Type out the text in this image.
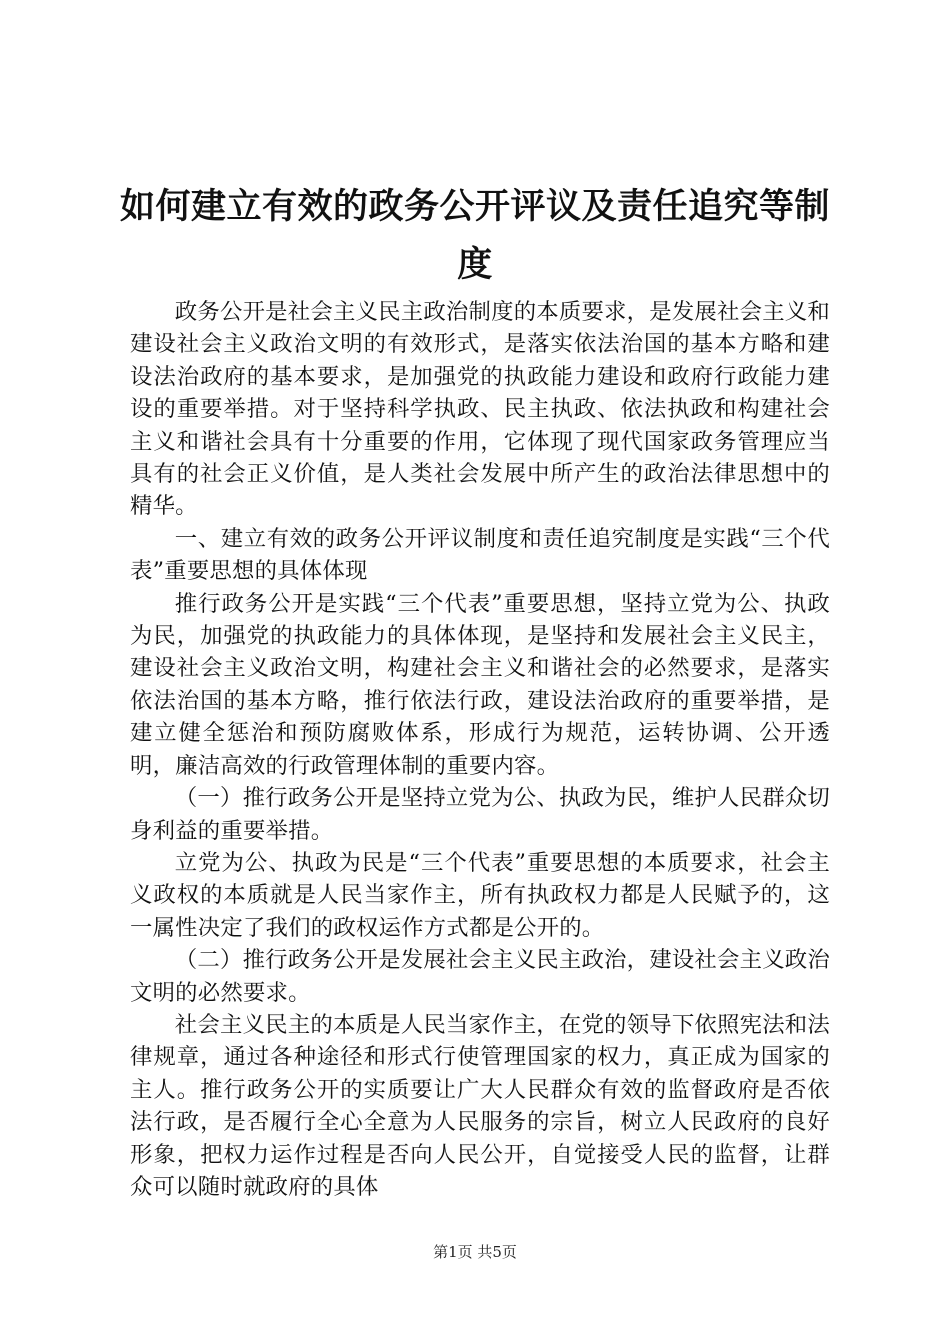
如何建立有效的政务公开评议及责任追究等制度

政务公开是社会主义民主政治制度的本质要求，是发展社会主义和建设社会主义政治文明的有效形式，是落实依法治国的基本方略和建设法治政府的基本要求，是加强党的执政能力建设和政府行政能力建设的重要举措。对于坚持科学执政、民主执政、依法执政和构建社会主义和谐社会具有十分重要的作用，它体现了现代国家政务管理应当具有的社会正义价值，是人类社会发展中所产生的政治法律思想中的精华。

一、建立有效的政务公开评议制度和责任追究制度是实践“三个代表”重要思想的具体体现

推行政务公开是实践“三个代表”重要思想，坚持立党为公、执政为民，加强党的执政能力的具体体现，是坚持和发展社会主义民主，建设社会主义政治文明，构建社会主义和谐社会的必然要求，是落实依法治国的基本方略，推行依法行政，建设法治政府的重要举措，是建立健全惩治和预防腐败体系，形成行为规范，运转协调、公开透明，廉洁高效的行政管理体制的重要内容。

（一）推行政务公开是坚持立党为公、执政为民，维护人民群众切身利益的重要举措。

立党为公、执政为民是“三个代表”重要思想的本质要求，社会主义政权的本质就是人民当家作主，所有执政权力都是人民赋予的，这一属性决定了我们的政权运作方式都是公开的。

（二）推行政务公开是发展社会主义民主政治，建设社会主义政治文明的必然要求。

社会主义民主的本质是人民当家作主，在党的领导下依照宪法和法律规章，通过各种途径和形式行使管理国家的权力，真正成为国家的主人。推行政务公开的实质要让广大人民群众有效的监督政府是否依法行政，是否履行全心全意为人民服务的宗旨，树立人民政府的良好形象，把权力运作过程是否向人民公开，自觉接受人民的监督，让群众可以随时就政府的具体

第1页 共5页
